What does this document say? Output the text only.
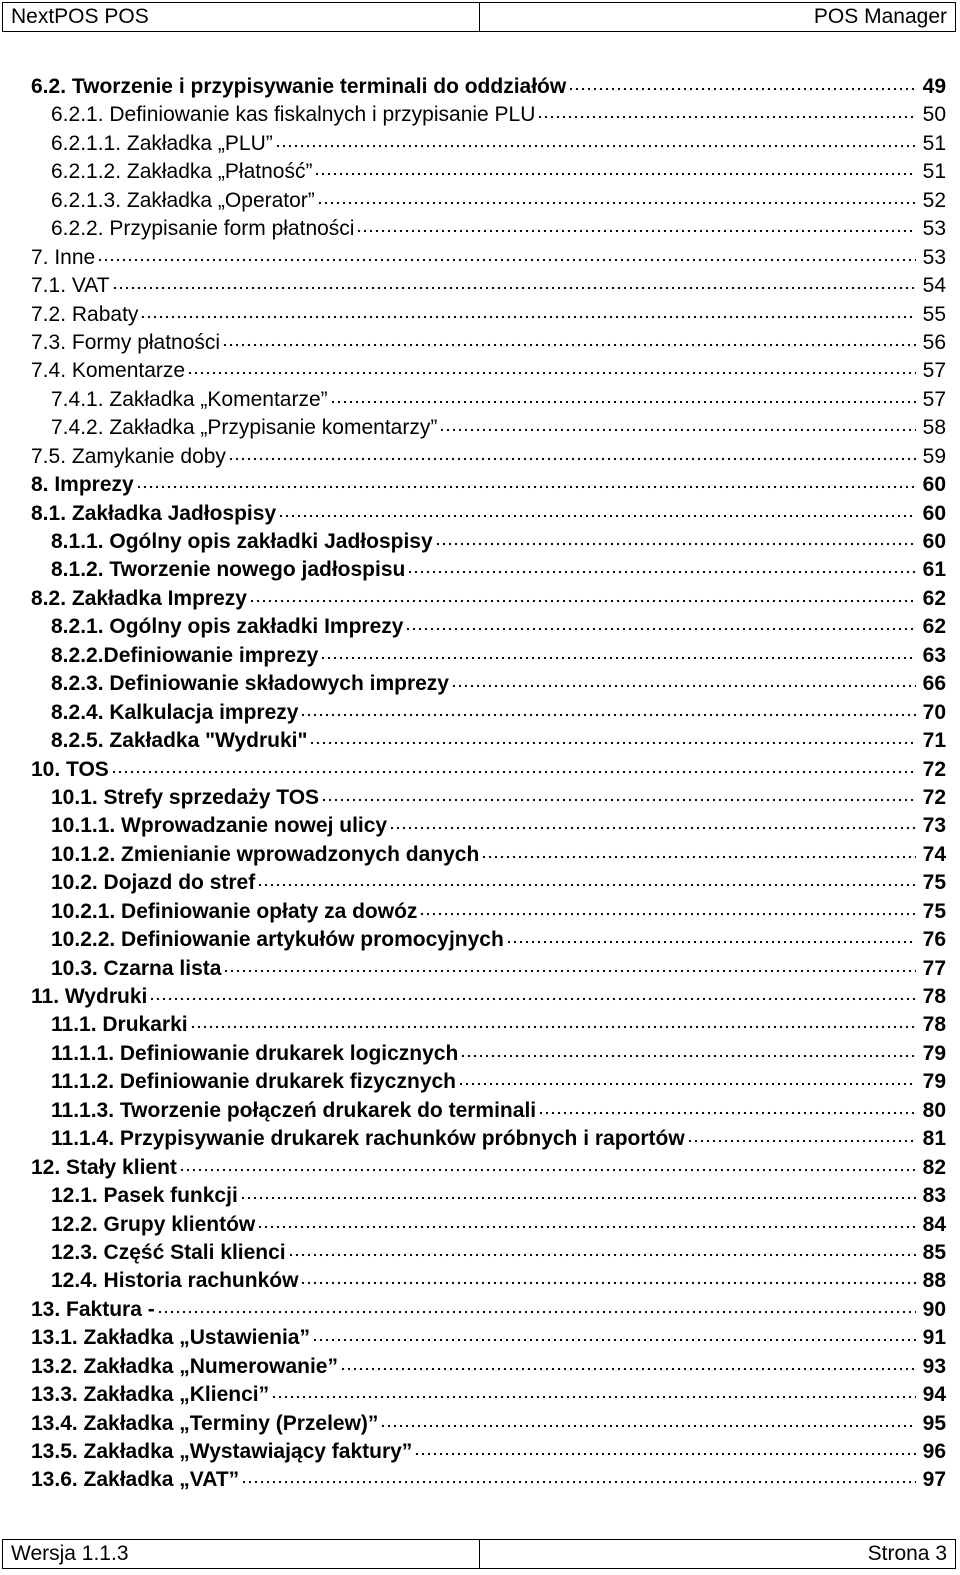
NextPOS POS	POS Manager
6.2. Tworzenie i przypisywanie terminali do oddziałów	49
6.2.1. Definiowanie kas fiskalnych i przypisanie PLU	50
6.2.1.1. Zakładka „PLU”	51
6.2.1.2. Zakładka „Płatność”	51
6.2.1.3. Zakładka „Operator”	52
6.2.2. Przypisanie form płatności	53
7. Inne	53
7.1. VAT	54
7.2. Rabaty	55
7.3. Formy płatności	56
7.4. Komentarze	57
7.4.1. Zakładka „Komentarze”	57
7.4.2. Zakładka „Przypisanie komentarzy”	58
7.5. Zamykanie doby	59
8. Imprezy	60
8.1. Zakładka Jadłospisy	60
8.1.1. Ogólny opis zakładki Jadłospisy	60
8.1.2. Tworzenie nowego jadłospisu	61
8.2. Zakładka Imprezy	62
8.2.1. Ogólny opis zakładki Imprezy	62
8.2.2.Definiowanie imprezy	63
8.2.3. Definiowanie składowych imprezy	66
8.2.4. Kalkulacja imprezy	70
8.2.5. Zakładka "Wydruki"	71
10. TOS	72
10.1. Strefy sprzedaży TOS	72
10.1.1. Wprowadzanie nowej ulicy	73
10.1.2. Zmienianie wprowadzonych danych	74
10.2. Dojazd do stref	75
10.2.1. Definiowanie opłaty za dowóz	75
10.2.2. Definiowanie artykułów promocyjnych	76
10.3. Czarna lista	77
11. Wydruki	78
11.1. Drukarki	78
11.1.1. Definiowanie drukarek logicznych	79
11.1.2. Definiowanie drukarek fizycznych	79
11.1.3. Tworzenie połączeń drukarek do terminali	80
11.1.4. Przypisywanie drukarek rachunków próbnych i raportów	81
12. Stały klient	82
12.1. Pasek funkcji	83
12.2. Grupy klientów	84
12.3. Część Stali klienci	85
12.4. Historia rachunków	88
13. Faktura -	90
13.1. Zakładka „Ustawienia”	91
13.2. Zakładka „Numerowanie”	93
13.3. Zakładka „Klienci”	94
13.4. Zakładka „Terminy (Przelew)”	95
13.5. Zakładka „Wystawiający faktury”	96
13.6. Zakładka „VAT”	97
Wersja 1.1.3	Strona 3
